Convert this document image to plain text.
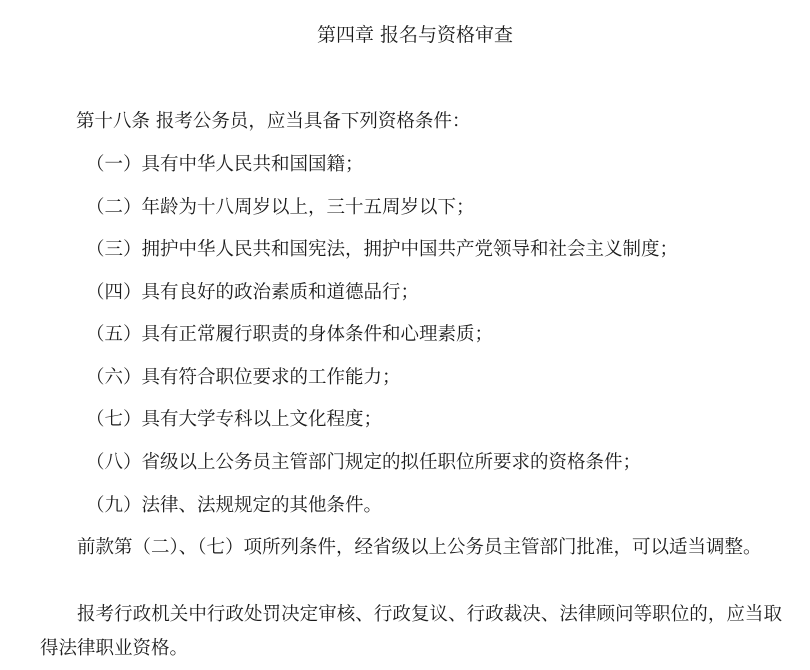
第四章 报名与资格审查
第十八条 报考公务员，应当具备下列资格条件：
（一）具有中华人民共和国国籍；
（二）年龄为十八周岁以上，三十五周岁以下；
（三）拥护中华人民共和国宪法，拥护中国共产党领导和社会主义制度；
（四）具有良好的政治素质和道德品行；
（五）具有正常履行职责的身体条件和心理素质；
（六）具有符合职位要求的工作能力；
（七）具有大学专科以上文化程度；
（八）省级以上公务员主管部门规定的拟任职位所要求的资格条件；
（九）法律、法规规定的其他条件。
前款第（二）、（七）项所列条件，经省级以上公务员主管部门批准，可以适当调整。
报考行政机关中行政处罚决定审核、行政复议、行政裁决、法律顾问等职位的，应当取得法律职业资格。
